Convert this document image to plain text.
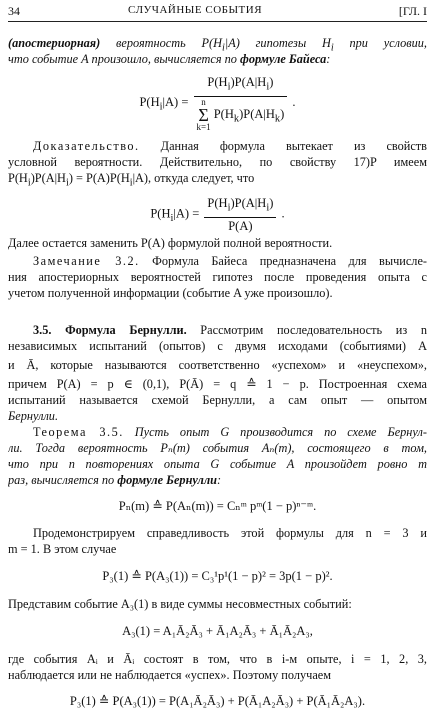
34	СЛУЧАЙНЫЕ СОБЫТИЯ	[ГЛ. I
(апостериорная) вероятность $P(H_i|A)$ гипотезы $H_i$ при условии,
что событие A произошло, вычисляется по формуле Байеса:
$P(H_i|A) = P(H_i)P(A|H_i)$
n
Σ
k=1
$P(H_k)P(A|H_k)$ .
Доказательство. Данная формула вытекает из свойств
условной вероятности. Действительно, по свойству 17)P имеем
$P(H_i)P(A|H_i) = P(A)P(H_i|A)$, откуда следует, что
$P(H_i|A) = \frac{P(H_i)P(A|H_i)}{P(A)}$ .
Далее остается заменить P(A) формулой полной вероятности.
Замечание 3.2. Формула Байеса предназначена для вычисле-
ния апостериорных вероятностей гипотез после проведения опыта с
учетом полученной информации (событие A уже произошло).
3.5. Формула Бернулли. Рассмотрим последовательность из n
независимых испытаний (опытов) с двумя исходами (событиями) A
и Ā, которые называются соответственно «успехом» и «неуспехом»,
причем P(A) = p ∈ (0,1), P(Ā) = q ≙ 1 − p. Построенная схема
испытаний называется схемой Бернулли, а сам опыт — опытом
Бернулли.
Теорема 3.5. Пусть опыт G производится по схеме Бернул-
ли. Тогда вероятность Pₙ(m) события Aₙ(m), состоящего в том,
что при n повторениях опыта G событие A произойдет ровно m
раз, вычисляется по формуле Бернулли:
Pₙ(m) ≙ P(Aₙ(m)) = Cₙᵐ pᵐ(1 − p)ⁿ⁻ᵐ.
Продемонстрируем справедливость этой формулы для n = 3 и
m = 1. В этом случае
P₃(1) ≙ P(A₃(1)) = C₃¹p¹(1 − p)² = 3p(1 − p)².
Представим событие A₃(1) в виде суммы несовместных событий:
A₃(1) = A₁Ā₂Ā₃ + Ā₁A₂Ā₃ + Ā₁Ā₂A₃,
где события Aᵢ и Āᵢ состоят в том, что в i-м опыте, i = 1, 2, 3,
наблюдается или не наблюдается «успех». Поэтому получаем
P₃(1) ≙ P(A₃(1)) = P(A₁Ā₂Ā₃) + P(Ā₁A₂Ā₃) + P(Ā₁Ā₂A₃).
